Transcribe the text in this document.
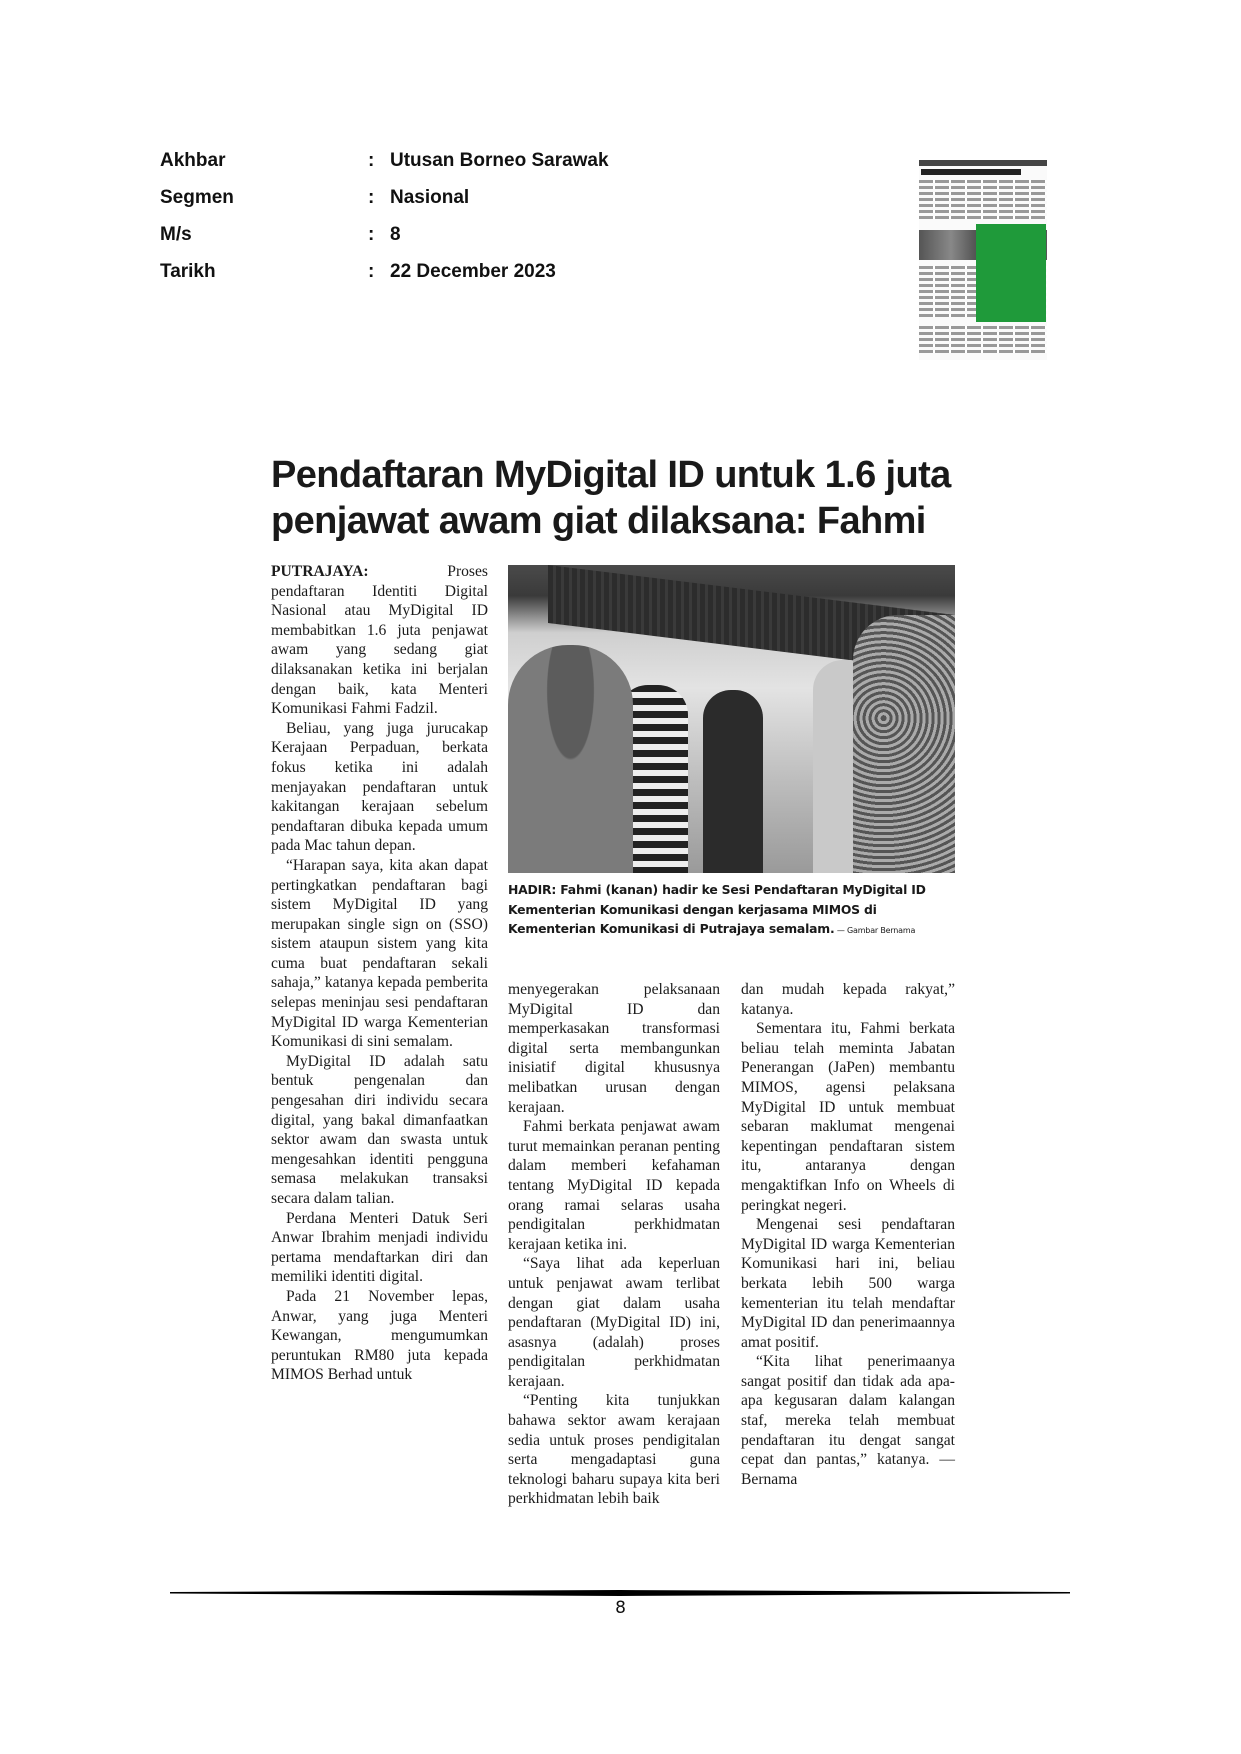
Akhbar	: Utusan Borneo Sarawak
Segmen	: Nasional
M/s	: 8
Tarikh	: 22 December 2023
Pendaftaran MyDigital ID untuk 1.6 juta
penjawat awam giat dilaksana: Fahmi

PUTRAJAYA:	Proses pendaftaran Identiti Digital Nasional atau MyDigital ID membabitkan 1.6 juta penjawat awam yang sedang giat dilaksanakan ketika ini berjalan dengan baik, kata Menteri Komunikasi Fahmi Fadzil.

Beliau, yang juga jurucakap Kerajaan Perpaduan, berkata fokus ketika ini adalah menjayakan pendaftaran untuk kakitangan kerajaan sebelum pendaftaran dibuka kepada umum pada Mac tahun depan.

“Harapan saya, kita akan dapat pertingkatkan pendaftaran bagi sistem MyDigital ID yang merupakan single sign on (SSO) sistem ataupun sistem yang kita cuma buat pendaftaran sekali sahaja,” katanya kepada pemberita selepas meninjau sesi pendaftaran MyDigital ID warga Kementerian Komunikasi di sini semalam.

MyDigital ID adalah satu bentuk pengenalan dan pengesahan diri individu secara digital, yang bakal dimanfaatkan sektor awam dan swasta untuk mengesahkan identiti pengguna semasa melakukan transaksi secara dalam talian.

Perdana Menteri Datuk Seri Anwar Ibrahim menjadi individu pertama mendaftarkan diri dan memiliki identiti digital.

Pada 21 November lepas, Anwar, yang juga Menteri Kewangan, mengumumkan peruntukan RM80 juta kepada MIMOS Berhad untuk

HADIR: Fahmi (kanan) hadir ke Sesi Pendaftaran MyDigital ID Kementerian Komunikasi dengan kerjasama MIMOS di Kementerian Komunikasi di Putrajaya semalam. — Gambar Bernama

menyegerakan pelaksanaan MyDigital ID dan memperkasakan transformasi digital serta membangunkan inisiatif digital khususnya melibatkan urusan dengan kerajaan.

Fahmi berkata penjawat awam turut memainkan peranan penting dalam memberi kefahaman tentang MyDigital ID kepada orang ramai selaras usaha pendigitalan perkhidmatan kerajaan ketika ini.

“Saya lihat ada keperluan untuk penjawat awam terlibat dengan giat dalam usaha pendaftaran (MyDigital ID) ini, asasnya (adalah) proses pendigitalan perkhidmatan kerajaan.

“Penting kita tunjukkan bahawa sektor awam kerajaan sedia untuk proses pendigitalan serta mengadaptasi guna teknologi baharu supaya kita beri perkhidmatan lebih baik

dan mudah kepada rakyat,” katanya.

Sementara itu, Fahmi berkata beliau telah meminta Jabatan Penerangan (JaPen) membantu MIMOS, agensi pelaksana MyDigital ID untuk membuat sebaran maklumat mengenai kepentingan pendaftaran sistem itu, antaranya dengan mengaktifkan Info on Wheels di peringkat negeri.

Mengenai sesi pendaftaran MyDigital ID warga Kementerian Komunikasi hari ini, beliau berkata lebih 500 warga kementerian itu telah mendaftar MyDigital ID dan penerimaannya amat positif.

“Kita lihat penerimaanya sangat positif dan tidak ada apa-apa kegusaran dalam kalangan staf, mereka telah membuat pendaftaran itu dengat sangat cepat dan pantas,” katanya. — Bernama

8
